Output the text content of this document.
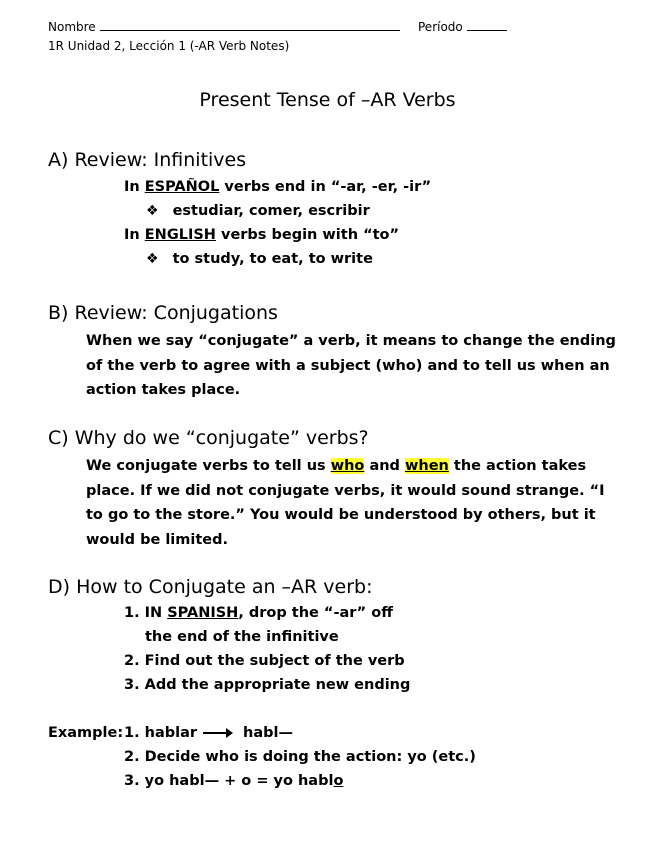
Nombre	Período
1R Unidad 2, Lección 1 (-AR Verb Notes)
Present Tense of –AR Verbs
A) Review: Infinitives
In ESPAÑOL verbs end in “-ar, -er, -ir”
❖ estudiar, comer, escribir
In ENGLISH verbs begin with “to”
❖ to study, to eat, to write
B) Review: Conjugations
When we say “conjugate” a verb, it means to change the ending of the verb to agree with a subject (who) and to tell us when an action takes place.
C) Why do we “conjugate” verbs?
We conjugate verbs to tell us who and when the action takes place. If we did not conjugate verbs, it would sound strange. “I to go to the store.” You would be understood by others, but it would be limited.
D) How to Conjugate an –AR verb:
1. IN SPANISH, drop the “-ar” off
the end of the infinitive
2. Find out the subject of the verb
3. Add the appropriate new ending
Example: 1. hablar	habl—
2. Decide who is doing the action: yo (etc.)
3. yo habl— + o = yo hablo
